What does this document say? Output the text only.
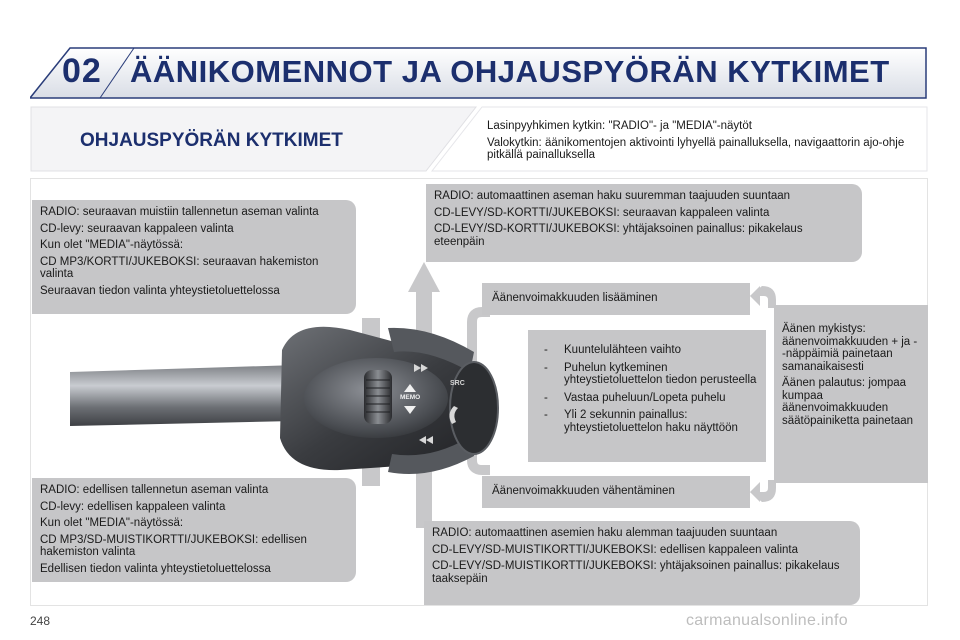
02 ÄÄNIKOMENNOT JA OHJAUSPYÖRÄN KYTKIMET
OHJAUSPYÖRÄN KYTKIMET

Lasinpyyhkimen kytkin: "RADIO"- ja "MEDIA"-näytöt

Valokytkin: äänikomentojen aktivointi lyhyellä painalluksella, navigaattorin ajo-ohje pitkällä painalluksella

MEMO
SRC

RADIO: seuraavan muistiin tallennetun aseman valinta

CD-levy: seuraavan kappaleen valinta

Kun olet "MEDIA"-näytössä:

CD MP3/KORTTI/JUKEBOKSI: seuraavan hakemiston valinta

Seuraavan tiedon valinta yhteystietoluettelossa

RADIO: edellisen tallennetun aseman valinta

CD-levy: edellisen kappaleen valinta

Kun olet "MEDIA"-näytössä:

CD MP3/SD-MUISTIKORTTI/JUKEBOKSI: edellisen hakemiston valinta

Edellisen tiedon valinta yhteystietoluettelossa

RADIO: automaattinen aseman haku suuremman taajuuden suuntaan

CD-LEVY/SD-KORTTI/JUKEBOKSI: seuraavan kappaleen valinta

CD-LEVY/SD-KORTTI/JUKEBOKSI: yhtäjaksoinen painallus: pikakelaus eteenpäin

RADIO: automaattinen asemien haku alemman taajuuden suuntaan

CD-LEVY/SD-MUISTIKORTTI/JUKEBOKSI: edellisen kappaleen valinta

CD-LEVY/SD-MUISTIKORTTI/JUKEBOKSI: yhtäjaksoinen painallus: pikakelaus taaksepäin

Äänenvoimakkuuden lisääminen
Äänenvoimakkuuden vähentäminen
- Kuuntelulähteen vaihto
- Puhelun kytkeminen yhteystietoluettelon tiedon perusteella
- Vastaa puheluun/Lopeta puhelu
- Yli 2 sekunnin painallus: yhteystietoluettelon haku näyttöön

Äänen mykistys: äänenvoimakkuuden + ja - -näppäimiä painetaan samanaikaisesti

Äänen palautus: jompaa kumpaa äänenvoimakkuuden säätöpainiketta painetaan

248	carmanualsonline.info
